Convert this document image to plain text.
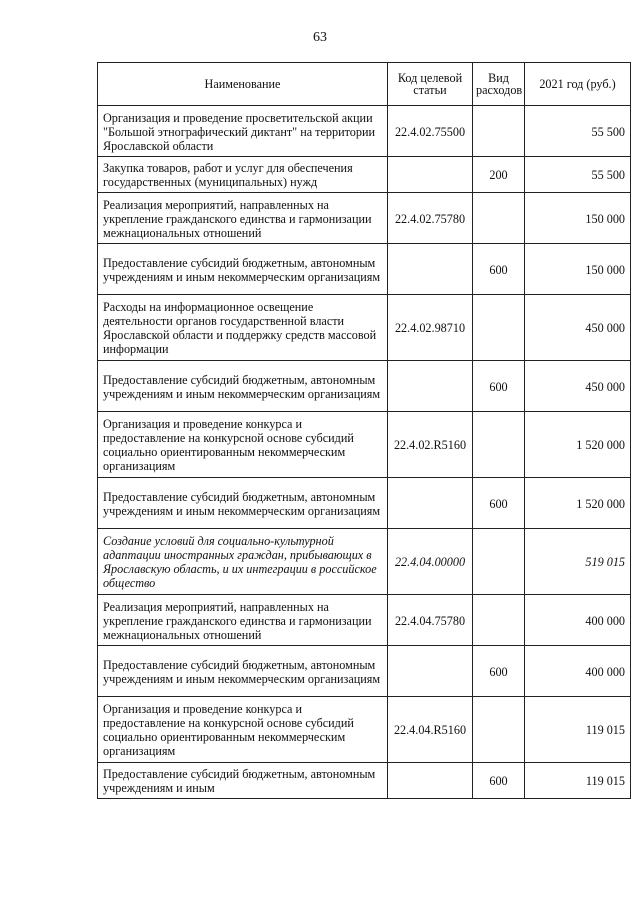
63
Наименование	Код целевой статьи	Вид расходов	2021 год (руб.)
Организация и проведение просветительской акции "Большой этнографический диктант" на территории Ярославской области	22.4.02.75500		55 500
Закупка товаров, работ и услуг для обеспечения государственных (муниципальных) нужд		200	55 500
Реализация мероприятий, направленных на укрепление гражданского единства и гармонизации межнациональных отношений	22.4.02.75780		150 000
Предоставление субсидий бюджетным, автономным учреждениям и иным некоммерческим организациям		600	150 000
Расходы на информационное освещение деятельности органов государственной власти Ярославской области и поддержку средств массовой информации	22.4.02.98710		450 000
Предоставление субсидий бюджетным, автономным учреждениям и иным некоммерческим организациям		600	450 000
Организация и проведение конкурса и предоставление на конкурсной основе субсидий социально ориентированным некоммерческим организациям	22.4.02.R5160		1 520 000
Предоставление субсидий бюджетным, автономным учреждениям и иным некоммерческим организациям		600	1 520 000
Создание условий для социально-культурной адаптации иностранных граждан, прибывающих в Ярославскую область, и их интеграции в российское общество	22.4.04.00000		519 015
Реализация мероприятий, направленных на укрепление гражданского единства и гармонизации межнациональных отношений	22.4.04.75780		400 000
Предоставление субсидий бюджетным, автономным учреждениям и иным некоммерческим организациям		600	400 000
Организация и проведение конкурса и предоставление на конкурсной основе субсидий социально ориентированным некоммерческим организациям	22.4.04.R5160		119 015
Предоставление субсидий бюджетным, автономным учреждениям и иным		600	119 015
